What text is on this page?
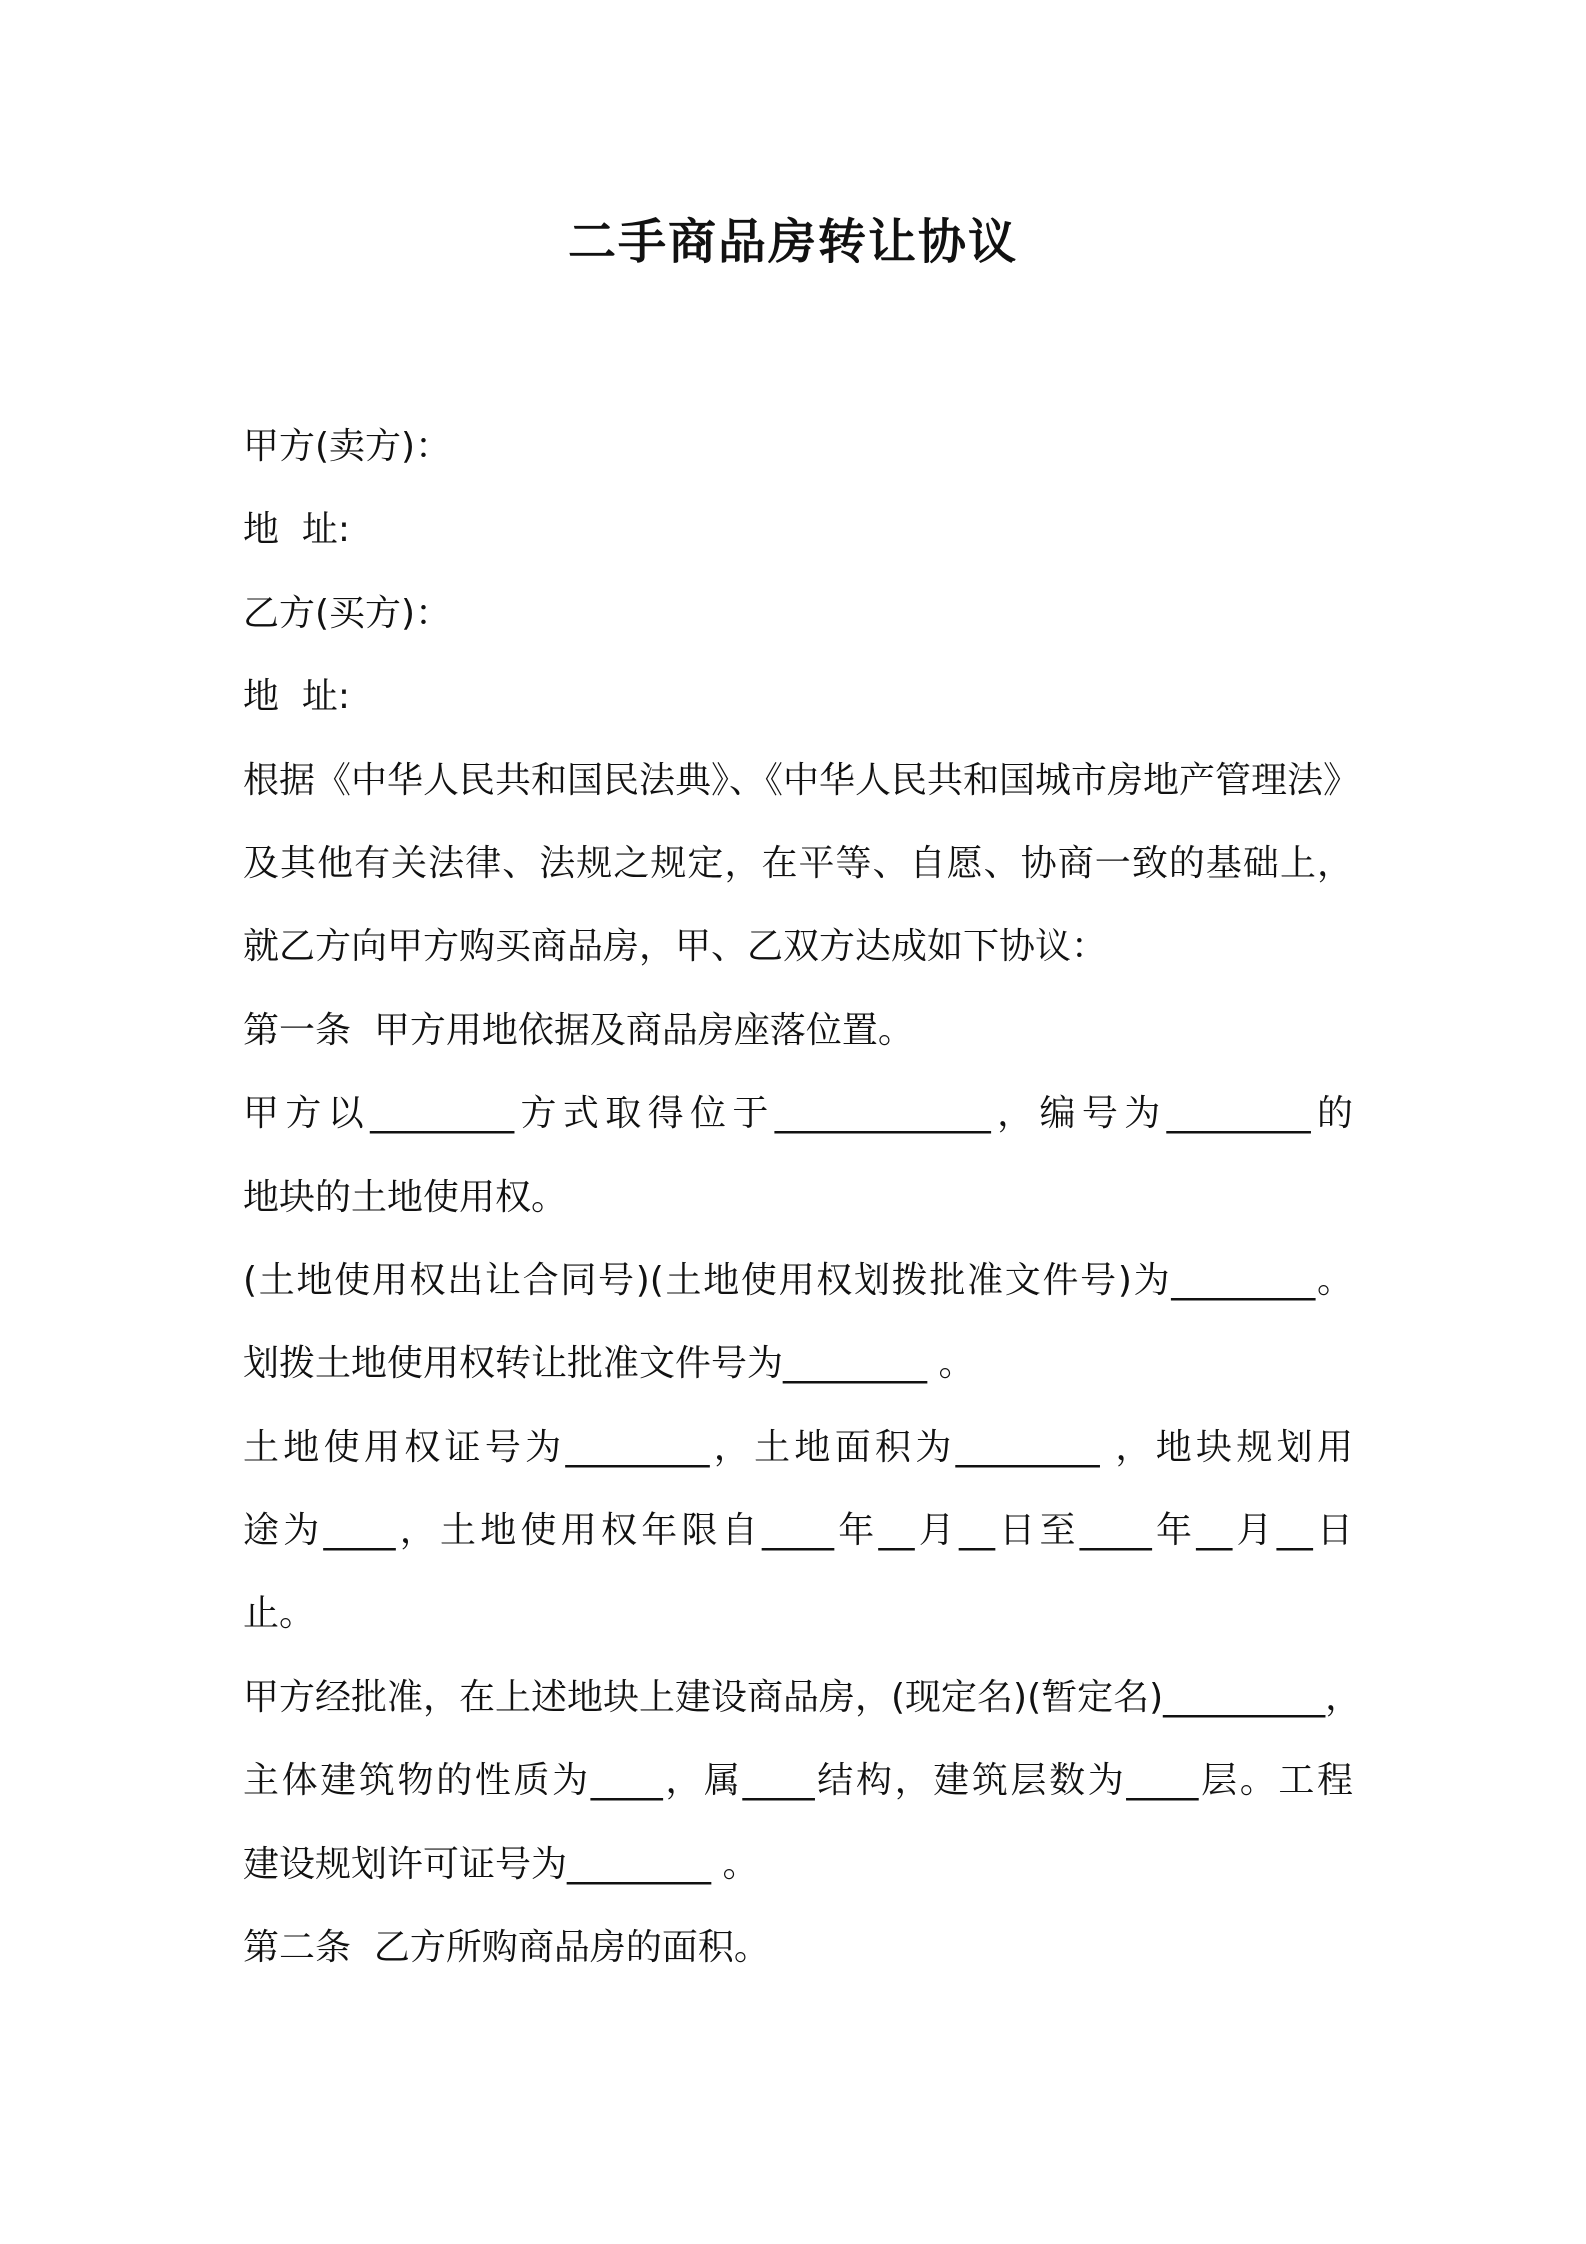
二手商品房转让协议
甲方(卖方)：
地  址:
乙方(买方)：
地  址:
根据《中华人民共和国民法典》、《中华人民共和国城市房地产管理法》
及其他有关法律、法规之规定，在平等、自愿、协商一致的基础上，
就乙方向甲方购买商品房，甲、乙双方达成如下协议：
第一条  甲方用地依据及商品房座落位置。
甲方以________方式取得位于____________，编号为________的
地块的土地使用权。
(土地使用权出让合同号)(土地使用权划拨批准文件号)为________。
划拨土地使用权转让批准文件号为________ 。
土地使用权证号为________，土地面积为________ ，地块规划用
途为____，土地使用权年限自____年__月__日至____年__月__日
止。
甲方经批准，在上述地块上建设商品房，(现定名)(暂定名)_________，
主体建筑物的性质为____，属____结构，建筑层数为____层。工程
建设规划许可证号为________ 。
第二条  乙方所购商品房的面积。
